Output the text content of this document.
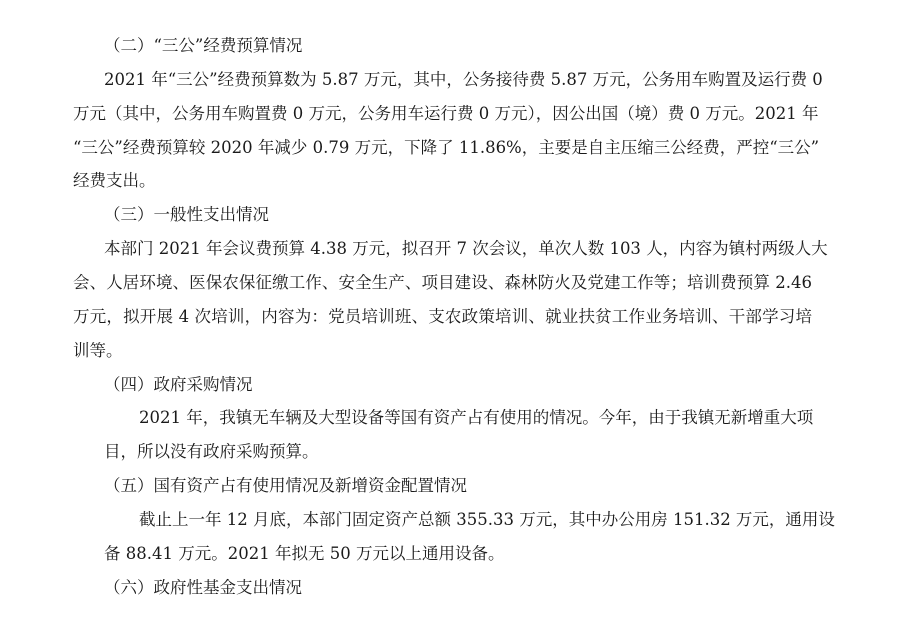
（二）“三公”经费预算情况
2021 年“三公”经费预算数为 5.87 万元，其中，公务接待费 5.87 万元，公务用车购置及运行费 0
万元（其中，公务用车购置费 0 万元，公务用车运行费 0 万元），因公出国（境）费 0 万元。2021 年
“三公”经费预算较 2020 年减少 0.79 万元，下降了 11.86%，主要是自主压缩三公经费，严控“三公”
经费支出。
（三）一般性支出情况
本部门 2021 年会议费预算 4.38 万元，拟召开 7 次会议，单次人数 103 人，内容为镇村两级人大
会、人居环境、医保农保征缴工作、安全生产、项目建设、森林防火及党建工作等；培训费预算 2.46
万元，拟开展 4 次培训，内容为：党员培训班、支农政策培训、就业扶贫工作业务培训、干部学习培
训等。
（四）政府采购情况
2021 年，我镇无车辆及大型设备等国有资产占有使用的情况。今年，由于我镇无新增重大项
目，所以没有政府采购预算。
（五）国有资产占有使用情况及新增资金配置情况
截止上一年 12 月底，本部门固定资产总额 355.33 万元，其中办公用房 151.32 万元，通用设
备 88.41 万元。2021 年拟无 50 万元以上通用设备。
（六）政府性基金支出情况
